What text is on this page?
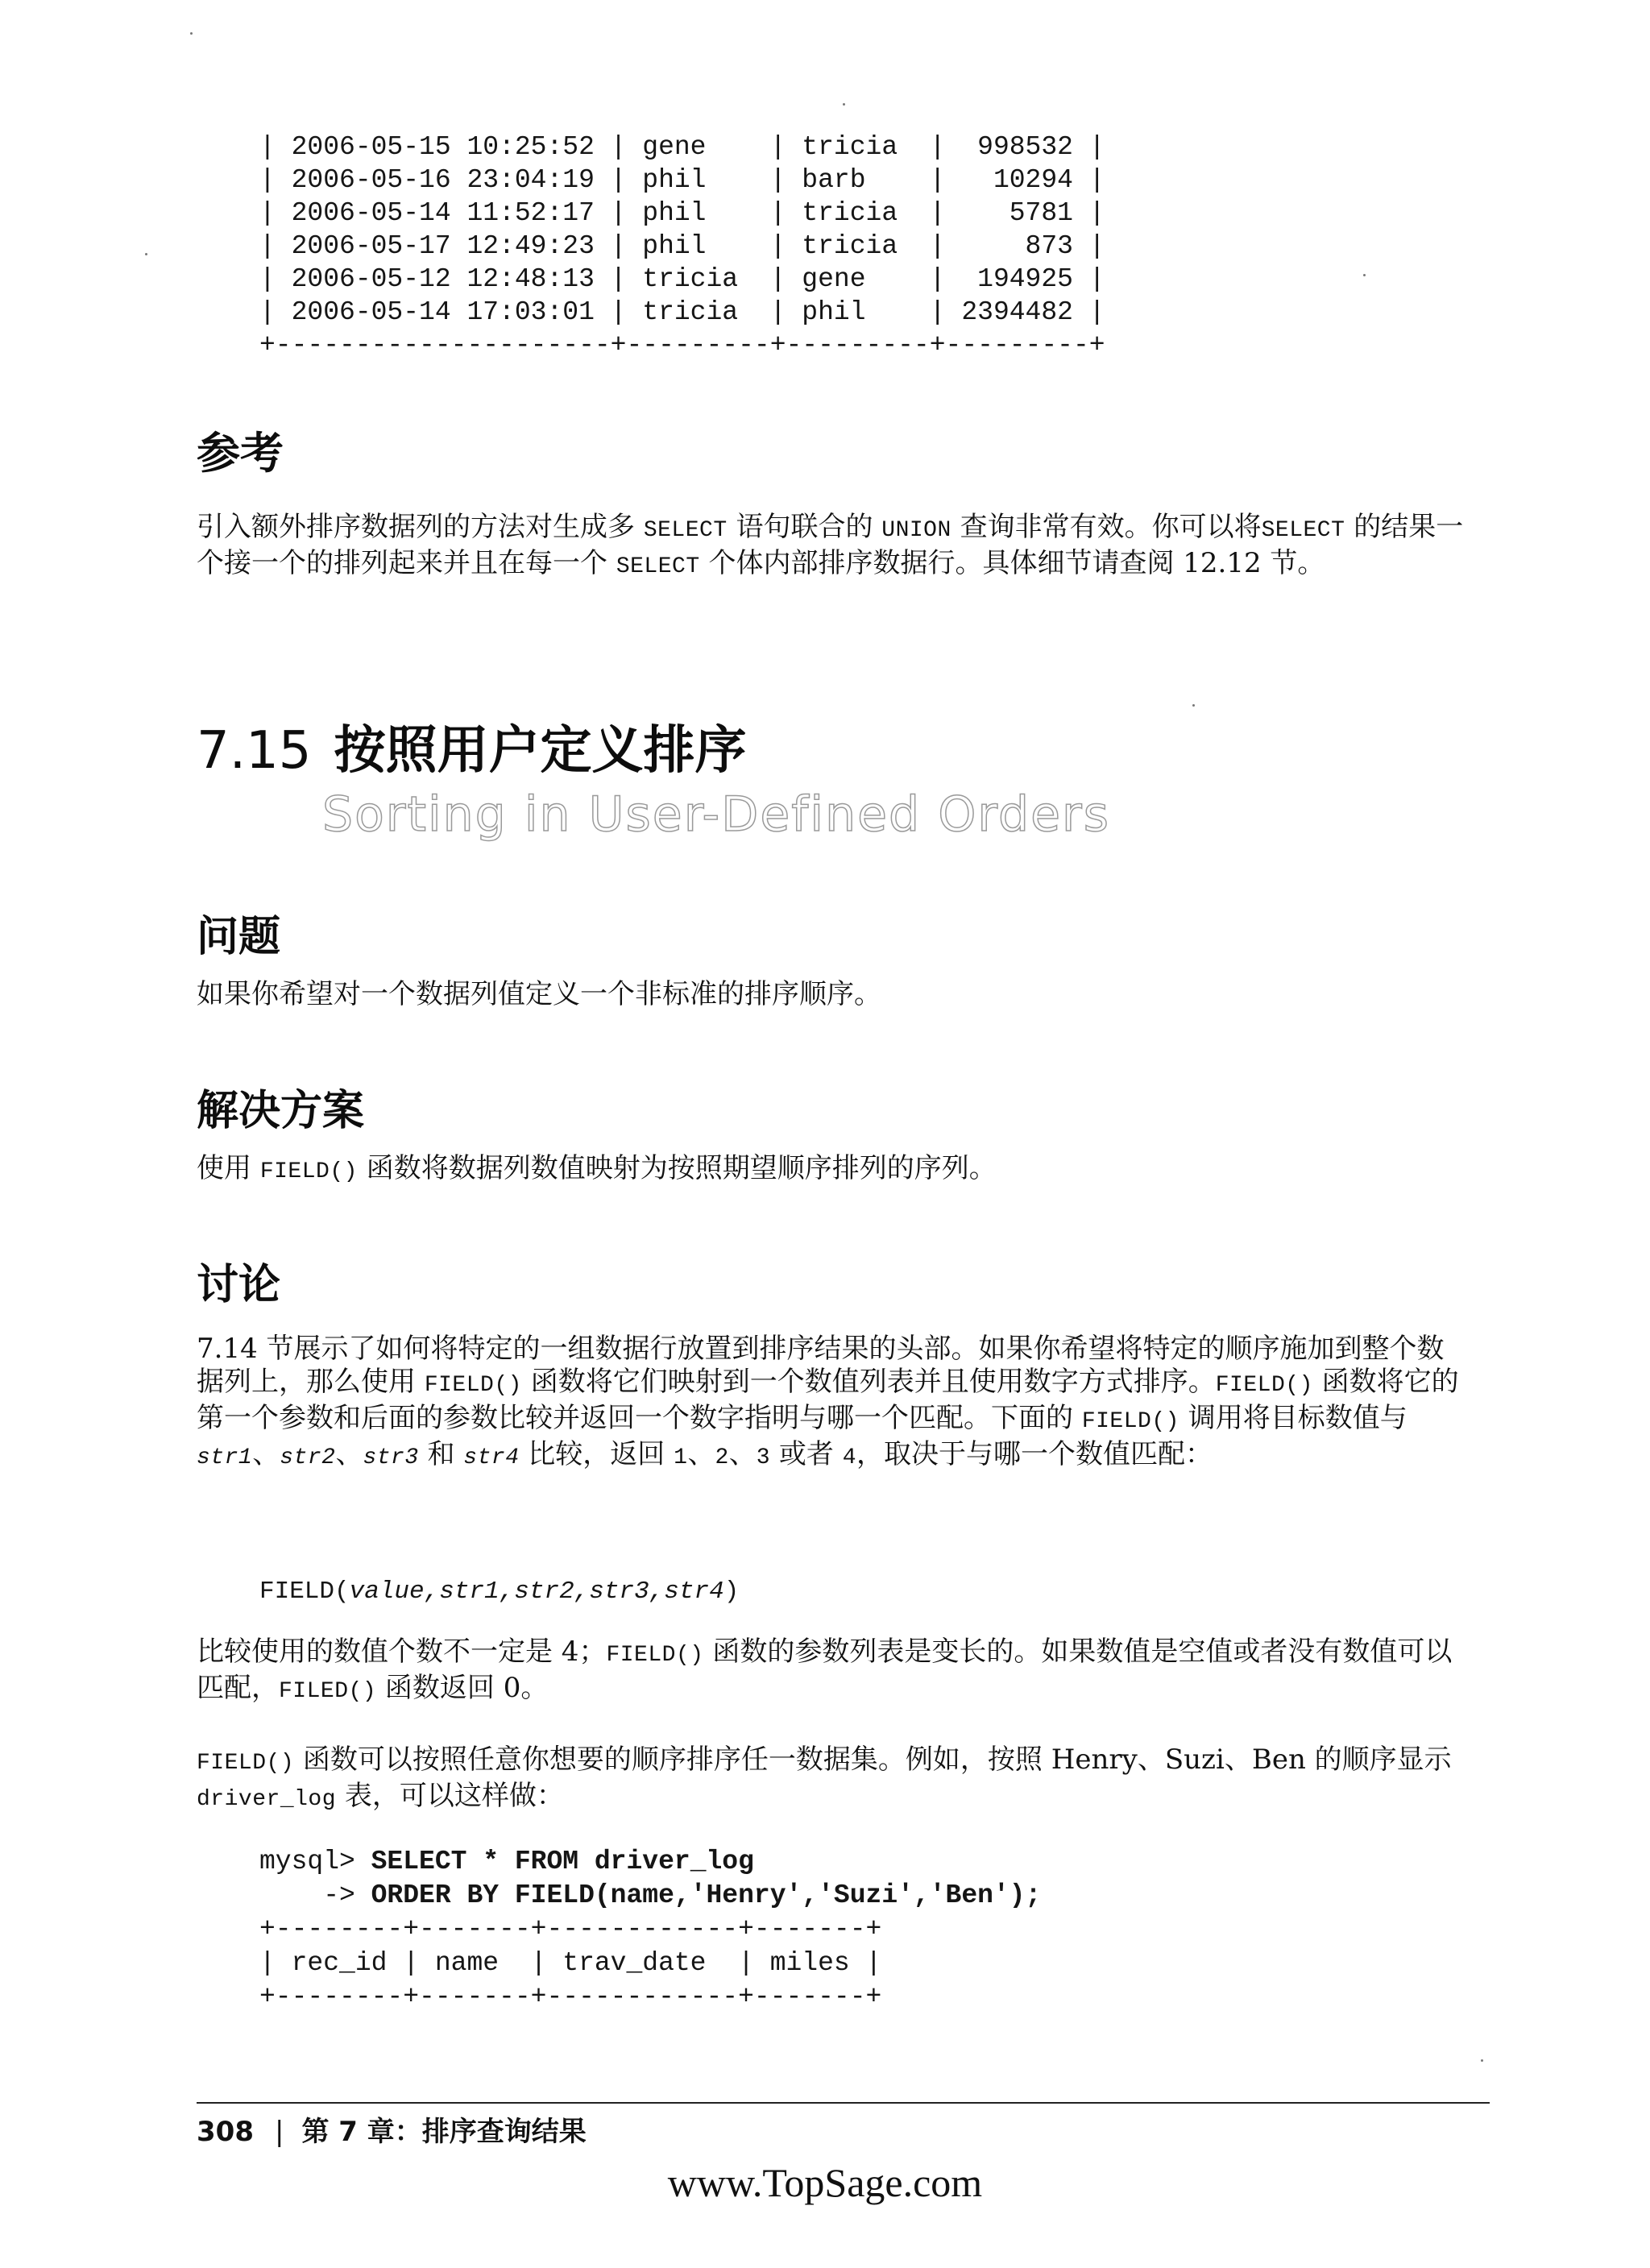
| 2006-05-15 10:25:52 | gene    | tricia  |  998532 |
| 2006-05-16 23:04:19 | phil    | barb    |   10294 |
| 2006-05-14 11:52:17 | phil    | tricia  |    5781 |
| 2006-05-17 12:49:23 | phil    | tricia  |     873 |
| 2006-05-12 12:48:13 | tricia  | gene    |  194925 |
| 2006-05-14 17:03:01 | tricia  | phil    | 2394482 |
+---------------------+---------+---------+---------+
参考

引入额外排序数据列的方法对生成多 SELECT 语句联合的 UNION 查询非常有效。你可以将SELECT 的结果一个接一个的排列起来并且在每一个 SELECT 个体内部排序数据行。具体细节请查阅 12.12 节。

7.15 按照用户定义排序
Sorting in User-Defined Orders
问题

如果你希望对一个数据列值定义一个非标准的排序顺序。

解决方案

使用 FIELD() 函数将数据列数值映射为按照期望顺序排列的序列。

讨论

7.14 节展示了如何将特定的一组数据行放置到排序结果的头部。如果你希望将特定的顺序施加到整个数据列上，那么使用 FIELD() 函数将它们映射到一个数值列表并且使用数字方式排序。FIELD() 函数将它的第一个参数和后面的参数比较并返回一个数字指明与哪一个匹配。下面的 FIELD() 调用将目标数值与 str1、str2、str3 和 str4 比较，返回 1、2、3 或者 4，取决于与哪一个数值匹配：

FIELD(value,str1,str2,str3,str4)

比较使用的数值个数不一定是 4；FIELD() 函数的参数列表是变长的。如果数值是空值或者没有数值可以匹配，FILED() 函数返回 0。

FIELD() 函数可以按照任意你想要的顺序排序任一数据集。例如，按照 Henry、Suzi、Ben 的顺序显示 driver_log 表，可以这样做：

mysql> SELECT * FROM driver_log
-> ORDER BY FIELD(name,'Henry','Suzi','Ben');
+--------+-------+------------+-------+
| rec_id | name  | trav_date  | miles |
+--------+-------+------------+-------+
308 | 第 7 章：排序查询结果
www.TopSage.com
